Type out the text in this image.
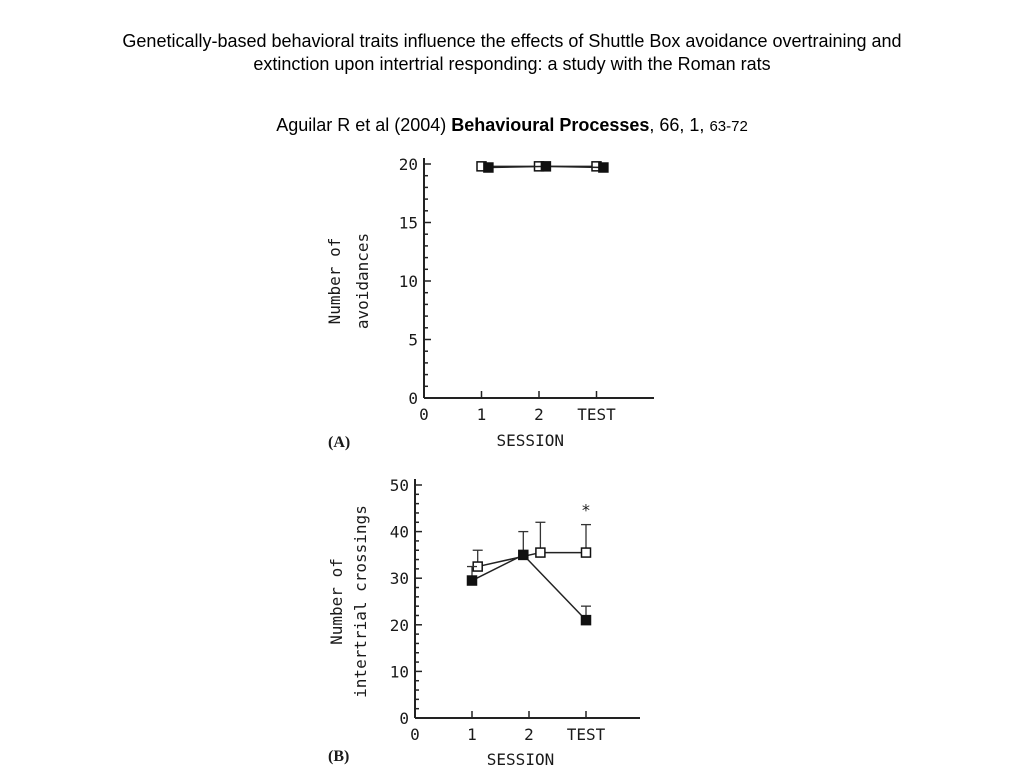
Genetically-based behavioral traits influence the effects of Shuttle Box avoidance overtraining and
extinction upon intertrial responding: a study with the Roman rats
Aguilar R et al (2004) Behavioural Processes, 66, 1, 63-72
0
5
10
15
20
0	1	2 TEST
SESSION
Number of avoidances
(A)
0
10
20
30
40
50
0	1	2 TEST
SESSION
Number of intertrial crossings
(B)
*
